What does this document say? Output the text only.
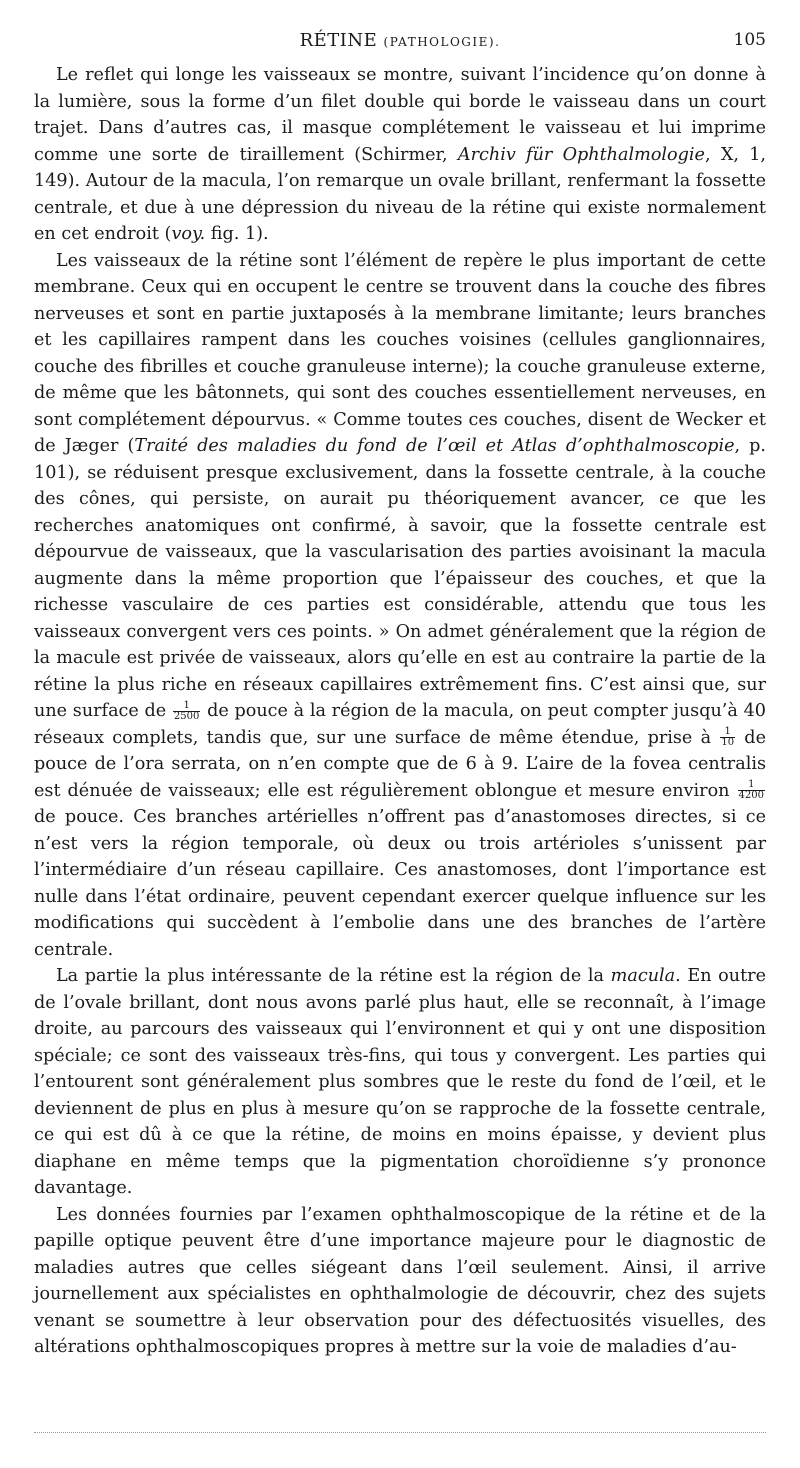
RÉTINE (PATHOLOGIE).	105

Le reflet qui longe les vaisseaux se montre, suivant l’incidence qu’on donne à la lumière, sous la forme d’un filet double qui borde le vaisseau dans un court trajet. Dans d’autres cas, il masque complétement le vaisseau et lui imprime comme une sorte de tiraillement (Schirmer, Archiv für Ophthalmologie, X, 1, 149). Autour de la macula, l’on remarque un ovale brillant, renfermant la fossette centrale, et due à une dépression du niveau de la rétine qui existe normalement en cet endroit (voy. fig. 1).

Les vaisseaux de la rétine sont l’élément de repère le plus important de cette membrane. Ceux qui en occupent le centre se trouvent dans la couche des fibres nerveuses et sont en partie juxtaposés à la membrane limitante; leurs branches et les capillaires rampent dans les couches voisines (cellules ganglionnaires, couche des fibrilles et couche granuleuse interne); la couche granuleuse externe, de même que les bâtonnets, qui sont des couches essentiellement nerveuses, en sont complétement dépourvus. « Comme toutes ces couches, disent de Wecker et de Jæger (Traité des maladies du fond de l’œil et Atlas d’ophthalmoscopie, p. 101), se réduisent presque exclusivement, dans la fossette centrale, à la couche des cônes, qui persiste, on aurait pu théoriquement avancer, ce que les recherches anatomiques ont confirmé, à savoir, que la fossette centrale est dépourvue de vaisseaux, que la vascularisation des parties avoisinant la macula augmente dans la même proportion que l’épaisseur des couches, et que la richesse vasculaire de ces parties est considérable, attendu que tous les vaisseaux convergent vers ces points. » On admet généralement que la région de la macule est privée de vaisseaux, alors qu’elle en est au contraire la partie de la rétine la plus riche en réseaux capillaires extrêmement fins. C’est ainsi que, sur une surface de $\frac{1}{2500}$ de pouce à la région de la macula, on peut compter jusqu’à 40 réseaux complets, tandis que, sur une surface de même étendue, prise à $\frac{1}{10}$ de pouce de l’ora serrata, on n’en compte que de 6 à 9. L’aire de la fovea centralis est dénuée de vaisseaux; elle est régulièrement oblongue et mesure environ $\frac{1}{4200}$
de pouce. Ces branches artérielles n’offrent pas d’anastomoses directes, si ce n’est vers la région temporale, où deux ou trois artérioles s’unissent par l’intermédiaire d’un réseau capillaire. Ces anastomoses, dont l’importance est nulle dans l’état ordinaire, peuvent cependant exercer quelque influence sur les modifications qui succèdent à l’embolie dans une des branches de l’artère centrale.

La partie la plus intéressante de la rétine est la région de la macula. En outre de l’ovale brillant, dont nous avons parlé plus haut, elle se reconnaît, à l’image droite, au parcours des vaisseaux qui l’environnent et qui y ont une disposition spéciale; ce sont des vaisseaux très-fins, qui tous y convergent. Les parties qui l’entourent sont généralement plus sombres que le reste du fond de l’œil, et le deviennent de plus en plus à mesure qu’on se rapproche de la fossette centrale, ce qui est dû à ce que la rétine, de moins en moins épaisse, y devient plus diaphane en même temps que la pigmentation choroïdienne s’y prononce davantage.

Les données fournies par l’examen ophthalmoscopique de la rétine et de la papille optique peuvent être d’une importance majeure pour le diagnostic de maladies autres que celles siégeant dans l’œil seulement. Ainsi, il arrive journellement aux spécialistes en ophthalmologie de découvrir, chez des sujets venant se soumettre à leur observation pour des défectuosités visuelles, des altérations ophthalmoscopiques propres à mettre sur la voie de maladies d’au-
